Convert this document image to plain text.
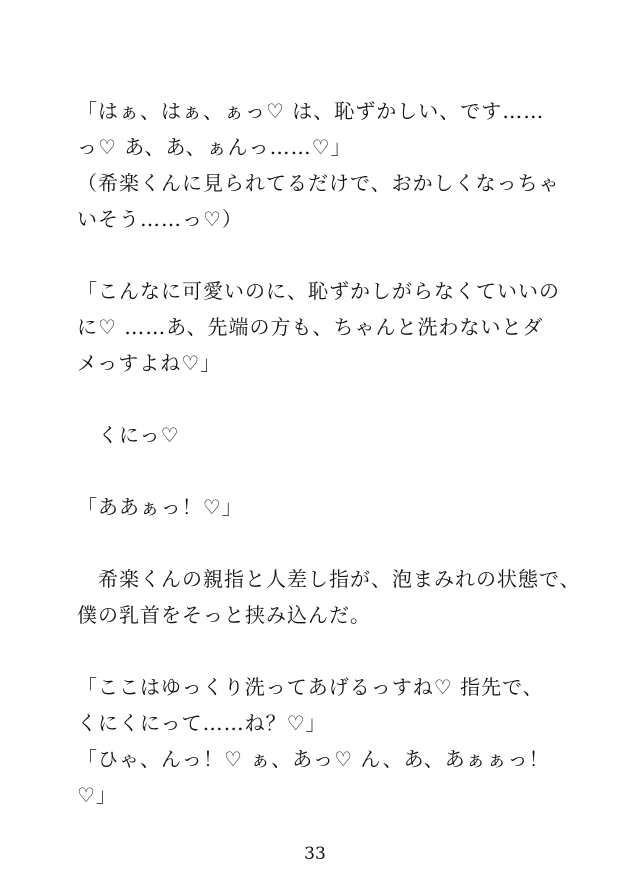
「はぁ、はぁ、ぁっ♡ は、恥ずかしい、です……
っ♡ あ、あ、ぁんっ……♡」
（希楽くんに見られてるだけで、おかしくなっちゃ
いそう……っ♡）
「こんなに可愛いのに、恥ずかしがらなくていいの
に♡ ……あ、先端の方も、ちゃんと洗わないとダ
メっすよね♡」
　くにっ♡
「ああぁっ！♡」
　希楽くんの親指と人差し指が、泡まみれの状態で、
僕の乳首をそっと挟み込んだ。
「ここはゆっくり洗ってあげるっすね♡ 指先で、
くにくにって……ね？♡」
「ひゃ、んっ！♡ ぁ、あっ♡ ん、あ、あぁぁっ！
♡」
33
